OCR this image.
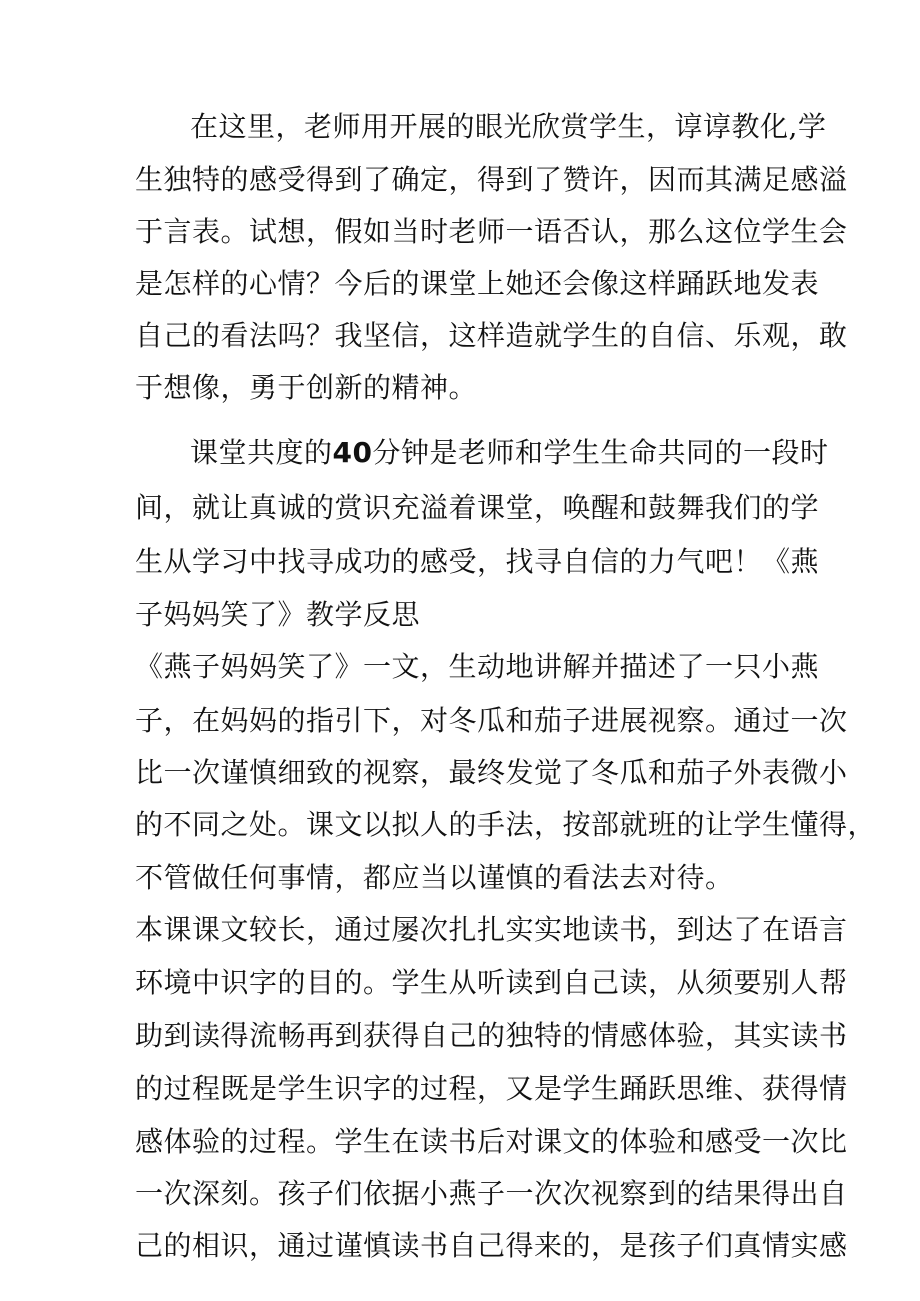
在这里，老师用开展的眼光欣赏学生，谆谆教化,学
生独特的感受得到了确定，得到了赞许，因而其满足感溢
于言表。试想，假如当时老师一语否认，那么这位学生会
是怎样的心情？今后的课堂上她还会像这样踊跃地发表
自己的看法吗？我坚信，这样造就学生的自信、乐观，敢
于想像，勇于创新的精神。
课堂共度的40分钟是老师和学生生命共同的一段时
间，就让真诚的赏识充溢着课堂，唤醒和鼓舞我们的学
生从学习中找寻成功的感受，找寻自信的力气吧！《燕
子妈妈笑了》教学反思
《燕子妈妈笑了》一文，生动地讲解并描述了一只小燕
子，在妈妈的指引下，对冬瓜和茄子进展视察。通过一次
比一次谨慎细致的视察，最终发觉了冬瓜和茄子外表微小
的不同之处。课文以拟人的手法，按部就班的让学生懂得，
不管做任何事情，都应当以谨慎的看法去对待。
本课课文较长，通过屡次扎扎实实地读书，到达了在语言
环境中识字的目的。学生从听读到自己读，从须要别人帮
助到读得流畅再到获得自己的独特的情感体验，其实读书
的过程既是学生识字的过程，又是学生踊跃思维、获得情
感体验的过程。学生在读书后对课文的体验和感受一次比
一次深刻。孩子们依据小燕子一次次视察到的结果得出自
己的相识，通过谨慎读书自己得来的，是孩子们真情实感
